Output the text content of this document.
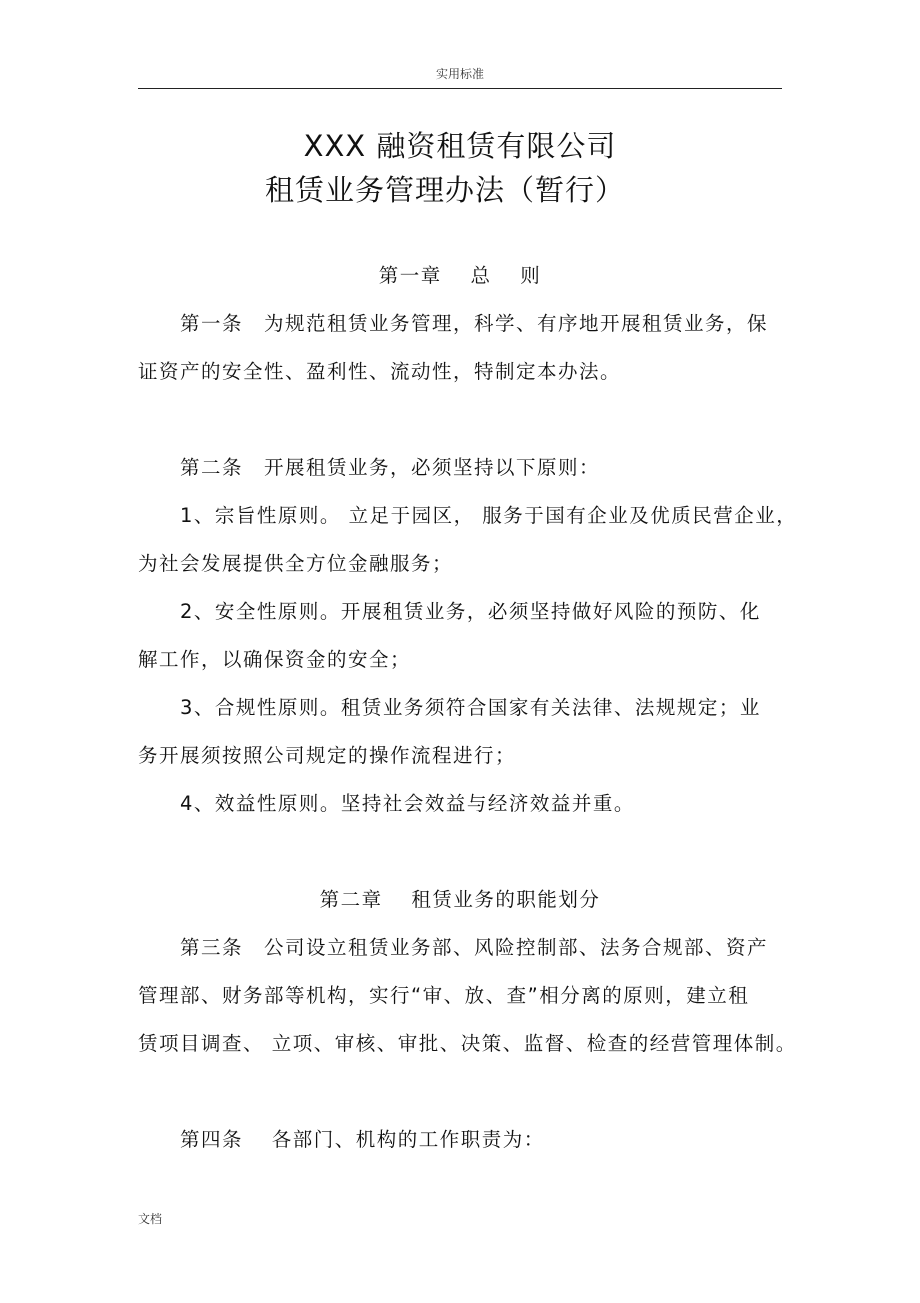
实用标准
XXX 融资租赁有限公司
租赁业务管理办法（暂行）
第一章　 总　 则
第一条　为规范租赁业务管理，科学、有序地开展租赁业务，保
证资产的安全性、盈利性、流动性，特制定本办法。
第二条　开展租赁业务，必须坚持以下原则：
1、宗旨性原则。 立足于园区， 服务于国有企业及优质民营企业，
为社会发展提供全方位金融服务；
2、安全性原则。开展租赁业务，必须坚持做好风险的预防、化
解工作，以确保资金的安全；
3、合规性原则。租赁业务须符合国家有关法律、法规规定；业
务开展须按照公司规定的操作流程进行；
4、效益性原则。坚持社会效益与经济效益并重。
第二章　 租赁业务的职能划分
第三条　公司设立租赁业务部、风险控制部、法务合规部、资产
管理部、财务部等机构，实行“审、放、查”相分离的原则，建立租
赁项目调查、 立项、审核、审批、决策、监督、检查的经营管理体制。
第四条　 各部门、机构的工作职责为：
文档
